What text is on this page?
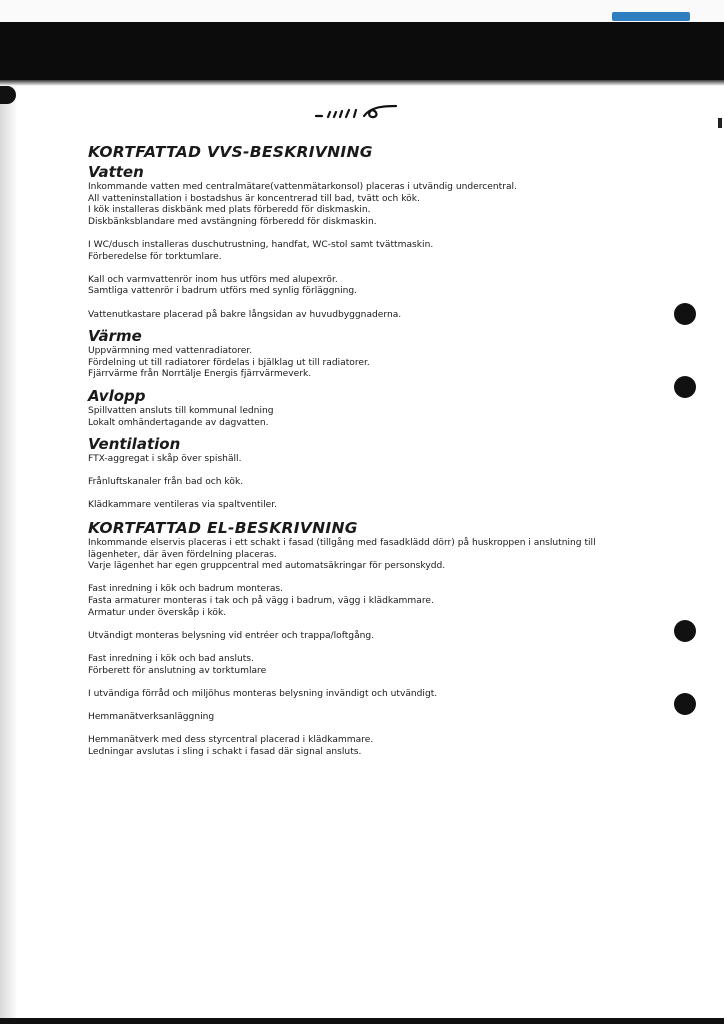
KORTFATTAD VVS-BESKRIVNING
Vatten
Inkommande vatten med centralmätare(vattenmätarkonsol) placeras i utvändig undercentral.
All vatteninstallation i bostadshus är koncentrerad till bad, tvätt och kök.
I kök installeras diskbänk med plats förberedd för diskmaskin.
Diskbänksblandare med avstängning förberedd för diskmaskin.
I WC/dusch installeras duschutrustning, handfat, WC-stol samt tvättmaskin.
Förberedelse för torktumlare.
Kall och varmvattenrör inom hus utförs med alupexrör.
Samtliga vattenrör i badrum utförs med synlig förläggning.
Vattenutkastare placerad på bakre långsidan av huvudbyggnaderna.
Värme
Uppvärmning med vattenradiatorer.
Fördelning ut till radiatorer fördelas i bjälklag ut till radiatorer.
Fjärrvärme från Norrtälje Energis fjärrvärmeverk.
Avlopp
Spillvatten ansluts till kommunal ledning
Lokalt omhändertagande av dagvatten.
Ventilation
FTX-aggregat i skåp över spishäll.
Frånluftskanaler från bad och kök.
Klädkammare ventileras via spaltventiler.
KORTFATTAD EL-BESKRIVNING
Inkommande elservis placeras i ett schakt i fasad (tillgång med fasadklädd dörr) på huskroppen i anslutning till
lägenheter, där även fördelning placeras.
Varje lägenhet har egen gruppcentral med automatsäkringar för personskydd.
Fast inredning i kök och badrum monteras.
Fasta armaturer monteras i tak och på vägg i badrum, vägg i klädkammare.
Armatur under överskåp i kök.
Utvändigt monteras belysning vid entréer och trappa/loftgång.
Fast inredning i kök och bad ansluts.
Förberett för anslutning av torktumlare
I utvändiga förråd och miljöhus monteras belysning invändigt och utvändigt.
Hemmanätverksanläggning
Hemmanätverk med dess styrcentral placerad i klädkammare.
Ledningar avslutas i sling i schakt i fasad där signal ansluts.
